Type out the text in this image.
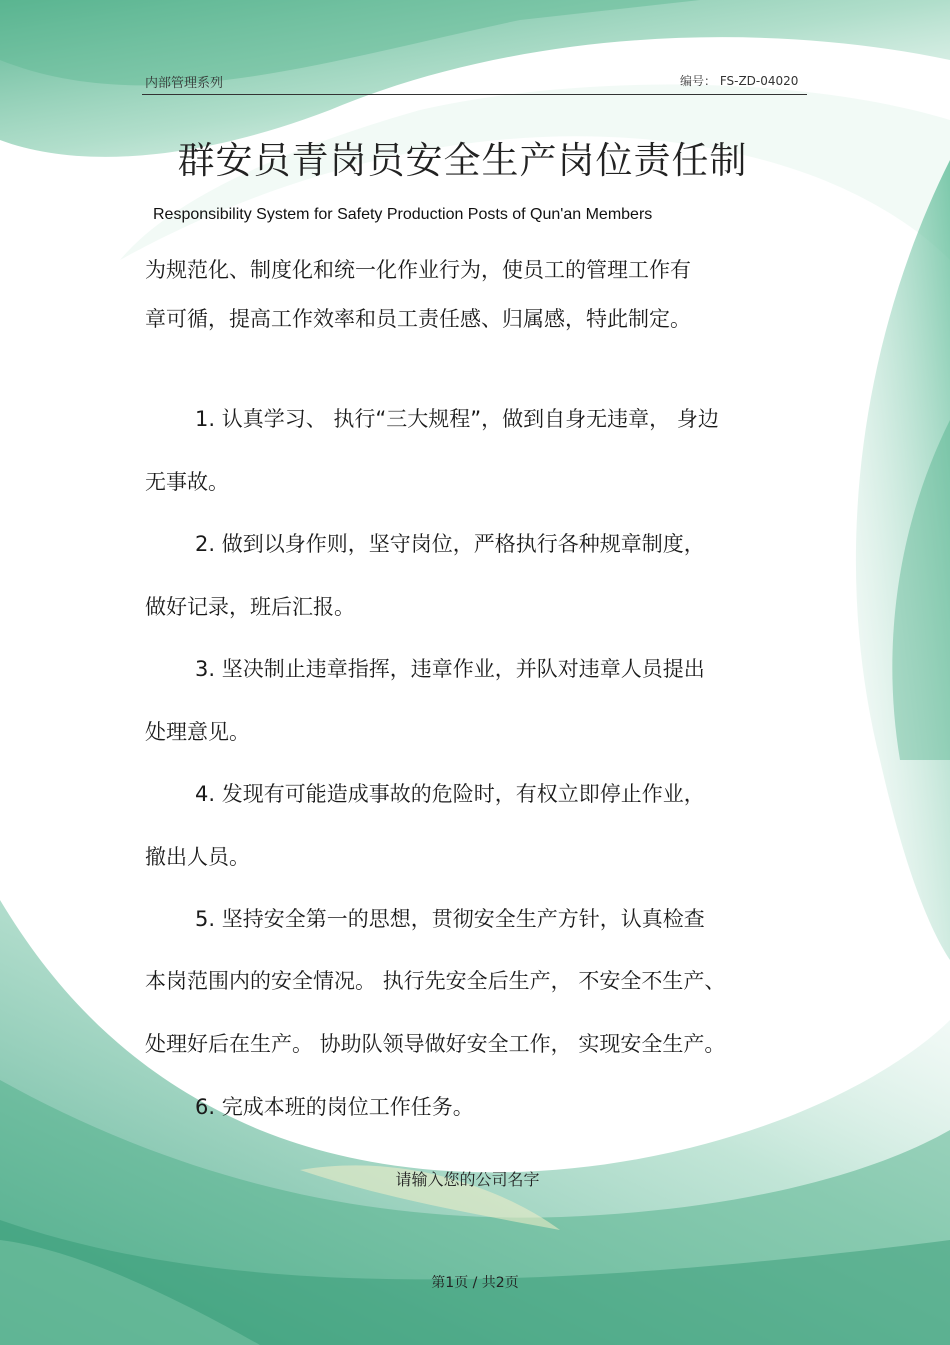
内部管理系列	编号： FS-ZD-04020
群安员青岗员安全生产岗位责任制
Responsibility System for Safety Production Posts of Qun'an Members
为规范化、制度化和统一化作业行为，使员工的管理工作有
章可循，提高工作效率和员工责任感、归属感，特此制定。
1. 认真学习、 执行“三大规程”，做到自身无违章， 身边
无事故。
2. 做到以身作则，坚守岗位，严格执行各种规章制度，
做好记录，班后汇报。
3. 坚决制止违章指挥，违章作业，并队对违章人员提出
处理意见。
4. 发现有可能造成事故的危险时，有权立即停止作业，
撤出人员。
5. 坚持安全第一的思想，贯彻安全生产方针，认真检查
本岗范围内的安全情况。 执行先安全后生产， 不安全不生产、
处理好后在生产。 协助队领导做好安全工作， 实现安全生产。
6. 完成本班的岗位工作任务。
请输入您的公司名字
第1页 / 共2页
